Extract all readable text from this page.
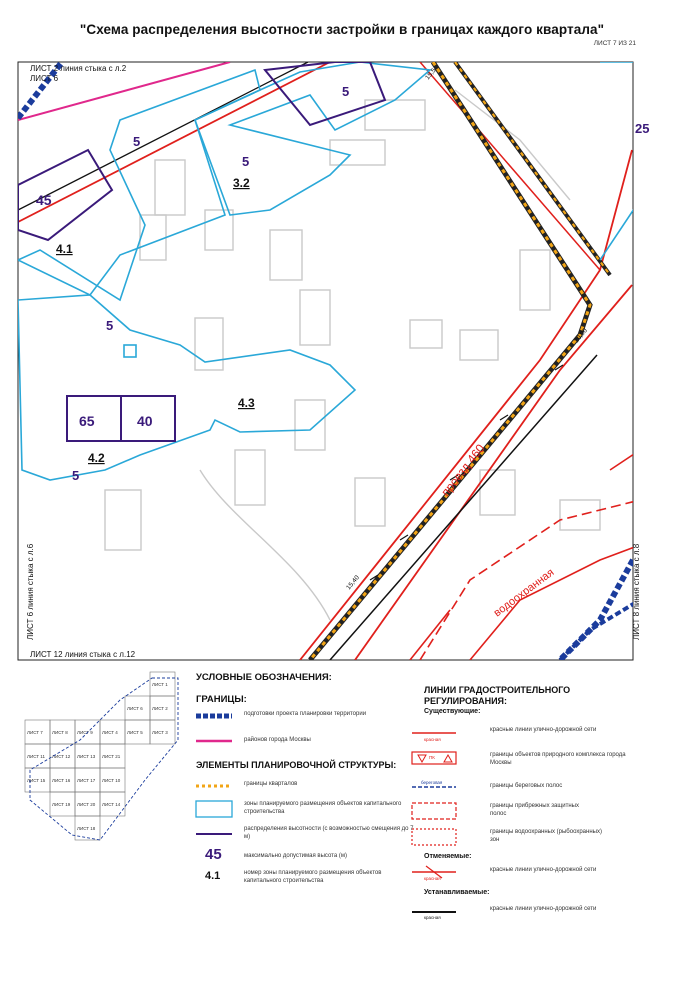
"Схема распределения высотности застройки в границах каждого квартала"
ЛИСТ 7 ИЗ 21
ЛИСТ 2 линия стыка с л.2
ЛИСТ 6
ЛИСТ 6 линия стыка с л.6	ЛИСТ 8 линия стыка с л.8
ЛИСТ 12 линия стыка с л.12
5
5
5
45
5
65	40
5
25
3.2
4.1
4.2
4.3
проезд 460
водоохранная
15,5
20,00
15,40
ЛИСТ 1
ЛИСТ 2
ЛИСТ 3
ЛИСТ 4 ЛИСТ 5
ЛИСТ 6
ЛИСТ 7 ЛИСТ 8 ЛИСТ 9
ЛИСТ 10
ЛИСТ 11 ЛИСТ 12 ЛИСТ 13
ЛИСТ 14
ЛИСТ 15 ЛИСТ 16 ЛИСТ 17
ЛИСТ 18
ЛИСТ 19 ЛИСТ 20
ЛИСТ 21
УСЛОВНЫЕ ОБОЗНАЧЕНИЯ:
ГРАНИЦЫ:
подготовки проекта планировки территории
районов города Москвы
ЭЛЕМЕНТЫ ПЛАНИРОВОЧНОЙ СТРУКТУРЫ:
границы кварталов
зоны планируемого размещения объектов капитального строительства
распределения высотности (с возможностью смещения до 7 м)
45	максимально допустимая высота (м)
4.1	номер зоны планируемого размещения объектов капитального строительства
ЛИНИИ ГРАДОСТРОИТЕЛЬНОГО РЕГУЛИРОВАНИЯ:
Существующие:
красные линии улично-дорожной сети
границы объектов природного комплекса города Москвы
границы береговых полос
границы прибрежных защитных полос
границы водоохранных (рыбоохранных) зон
Отменяемые:
красные линии улично-дорожной сети
Устанавливаемые:
красные линии улично-дорожной сети
красная
ПК
береговая
красная
красная
